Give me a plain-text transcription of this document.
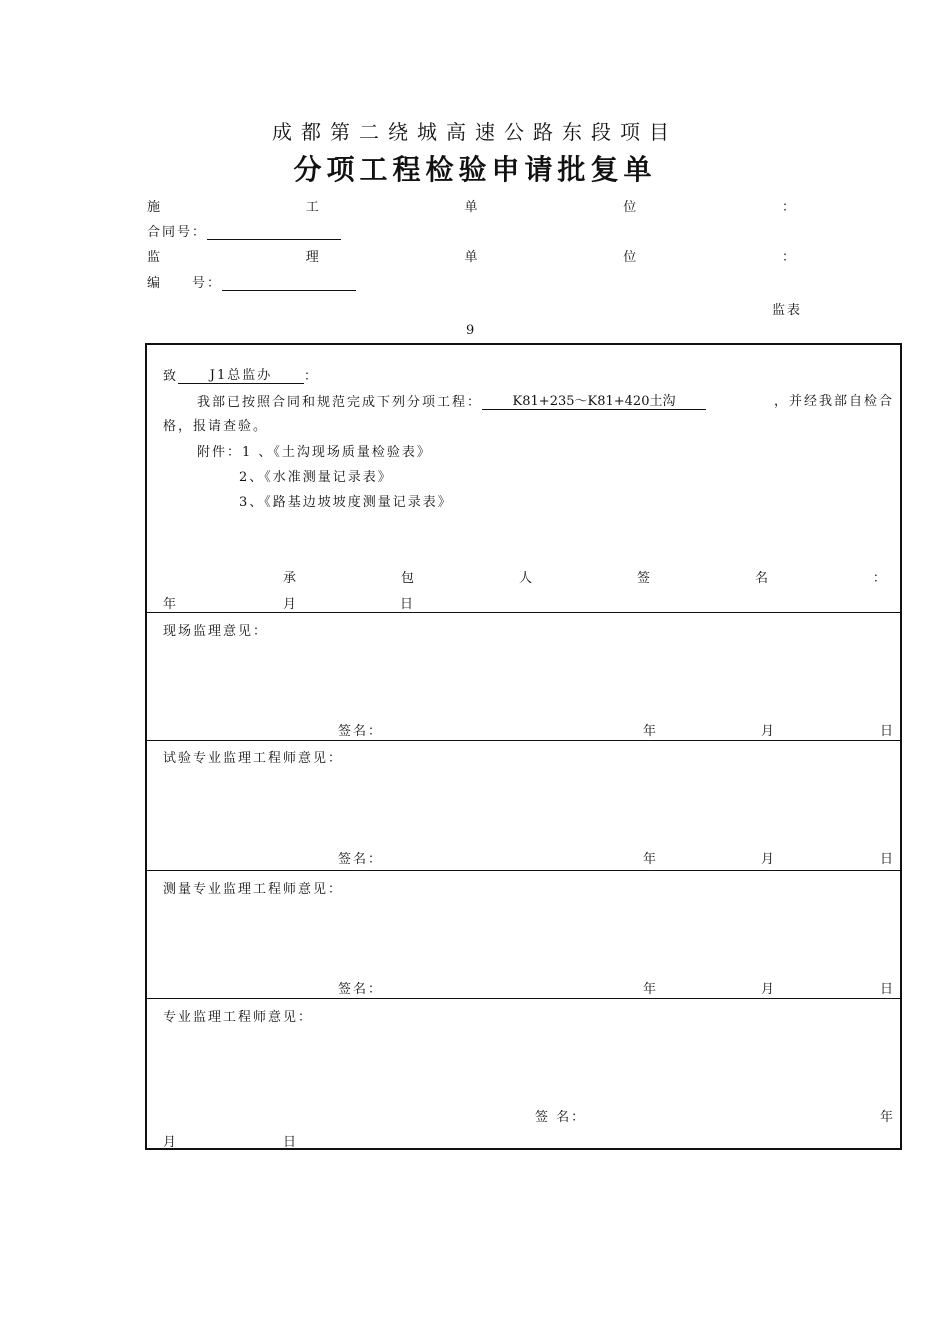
成都第二绕城高速公路东段项目
分项工程检验申请批复单
施	工	单	位	：
合同号：
监	理	单	位	：
编　　号：
监表
9
致 J1总监办 ：
我部已按照合同和规范完成下列分项工程： K81+235～K81+420土沟	，并经我部自检合
格，报请查验。
附件：1 、《土沟现场质量检验表》
2、《水准测量记录表》
3、《路基边坡坡度测量记录表》
承	包	人	签	名	：
年	月	日
现场监理意见：
签名：	年	月	日
试验专业监理工程师意见：
签名：	年	月	日
测量专业监理工程师意见：
签名：	年	月	日
专业监理工程师意见：
签 名：	年
月	日
